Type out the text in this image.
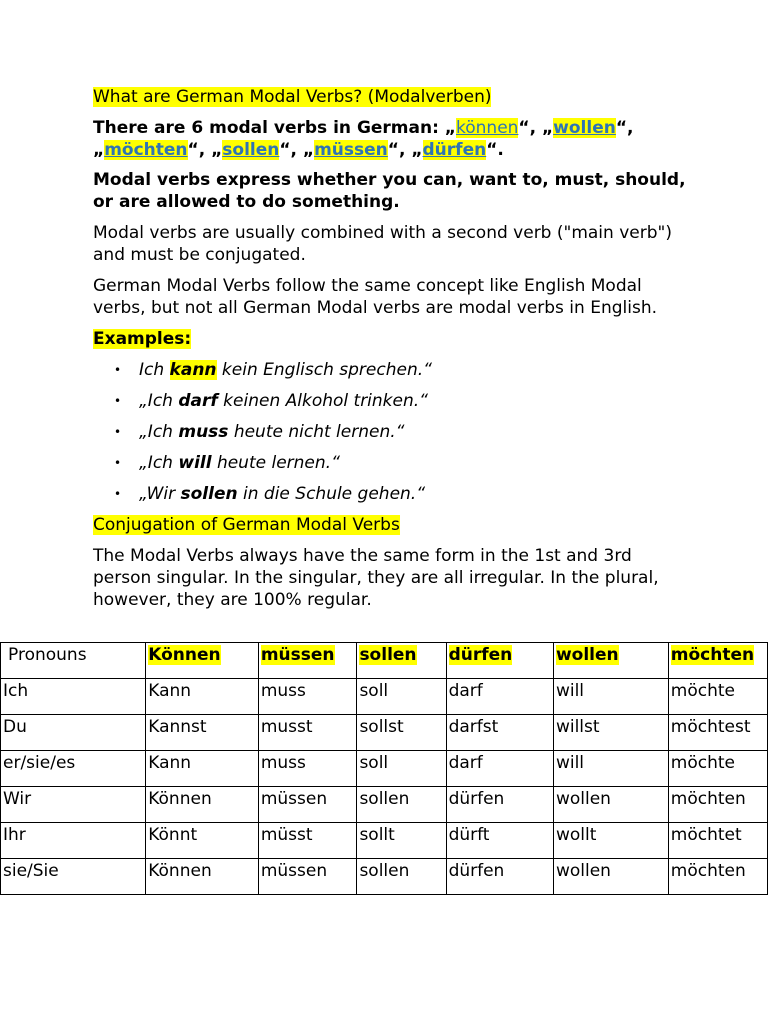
What are German Modal Verbs? (Modalverben)

There are 6 modal verbs in German: „können“, „wollen“,
„möchten“, „sollen“, „müssen“, „dürfen“.

Modal verbs express whether you can, want to, must, should, or are allowed to do something.

Modal verbs are usually combined with a second verb ("main verb") and must be conjugated.

German Modal Verbs follow the same concept like English Modal verbs, but not all German Modal verbs are modal verbs in English.

Examples:

• Ich kann kein Englisch sprechen.“
• „Ich darf keinen Alkohol trinken.“
• „Ich muss heute nicht lernen.“
• „Ich will heute lernen.“
• „Wir sollen in die Schule gehen.“

Conjugation of German Modal Verbs

The Modal Verbs always have the same form in the 1st and 3rd person singular. In the singular, they are all irregular. In the plural, however, they are 100% regular.

Pronouns	Können	müssen	sollen	dürfen	wollen	möchten
Ich	Kann	muss	soll	darf	will	möchte
Du	Kannst	musst	sollst	darfst	willst	möchtest
er/sie/es	Kann	muss	soll	darf	will	möchte
Wir	Können	müssen	sollen	dürfen	wollen	möchten
Ihr	Könnt	müsst	sollt	dürft	wollt	möchtet
sie/Sie	Können	müssen	sollen	dürfen	wollen	möchten
